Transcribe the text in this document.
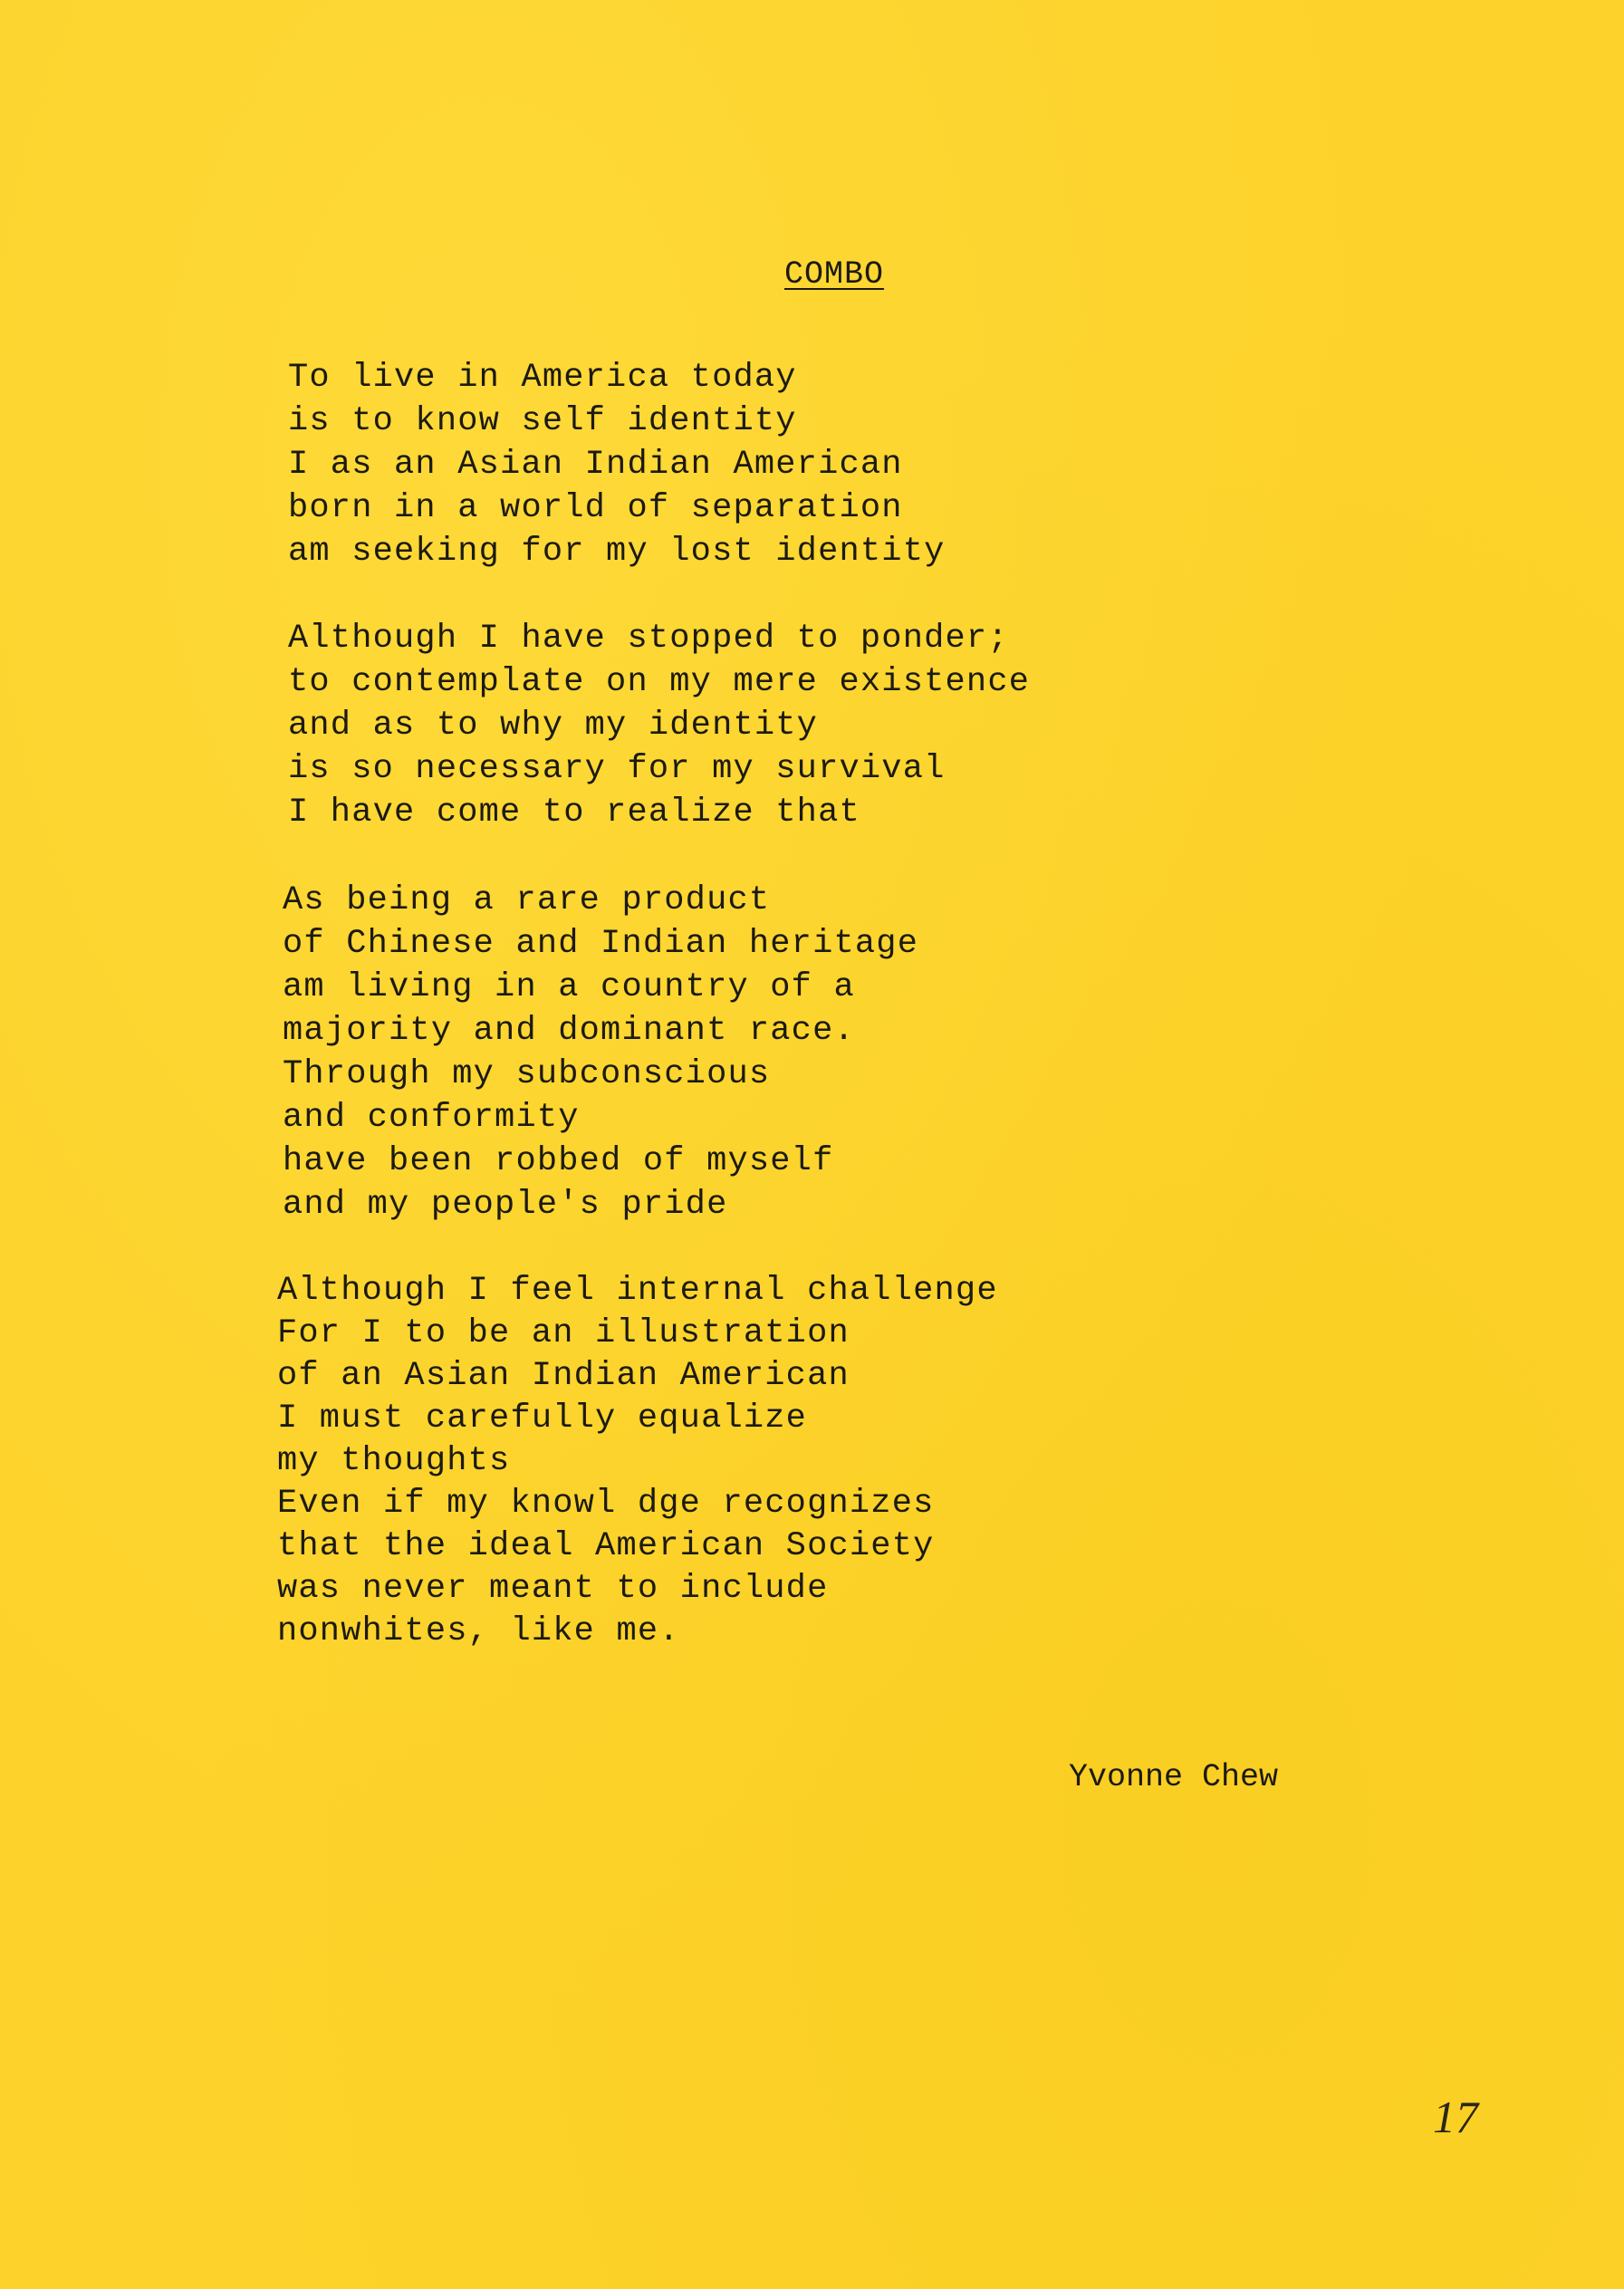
COMBO
To live in America today
is to know self identity
I as an Asian Indian American
born in a world of separation
am seeking for my lost identity
Although I have stopped to ponder;
to contemplate on my mere existence
and as to why my identity
is so necessary for my survival
I have come to realize that
As being a rare product
of Chinese and Indian heritage
am living in a country of a
majority and dominant race.
Through my subconscious
and conformity
have been robbed of myself
and my people's pride
Although I feel internal challenge
For I to be an illustration
of an Asian Indian American
I must carefully equalize
my thoughts
Even if my knowl dge recognizes
that the ideal American Society
was never meant to include
nonwhites, like me.
Yvonne Chew
17
